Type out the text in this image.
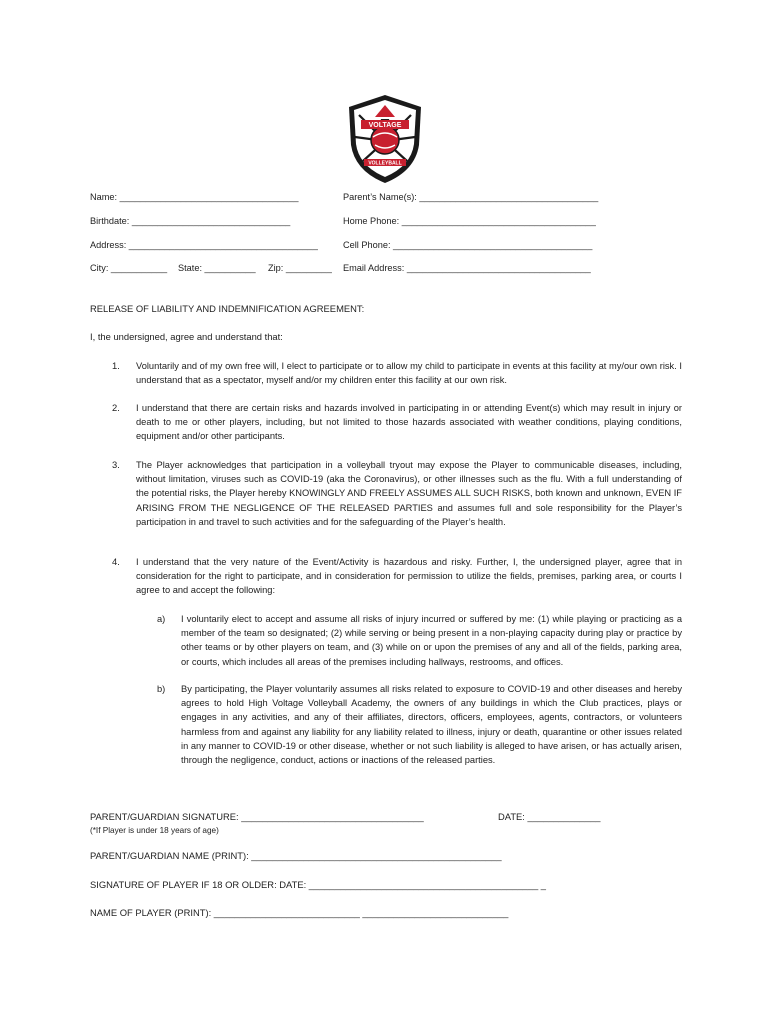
VOLTAGE
VOLLEYBALL
Name: ___________________________________	Parent’s Name(s): ___________________________________
Birthdate: _______________________________	Home Phone: ______________________________________
Address: _____________________________________	Cell Phone: _______________________________________
City: ___________ State: __________ Zip: _________ Email Address: ____________________________________
RELEASE OF LIABILITY AND INDEMNIFICATION AGREEMENT:
I, the undersigned, agree and understand that:
1. Voluntarily and of my own free will, I elect to participate or to allow my child to participate in events at this facility at my/our own risk. I understand that as a spectator, myself and/or my children enter this facility at our own risk.
2. I understand that there are certain risks and hazards involved in participating in or attending Event(s) which may result in injury or death to me or other players, including, but not limited to those hazards associated with weather conditions, playing conditions, equipment and/or other participants.
3. The Player acknowledges that participation in a volleyball tryout may expose the Player to communicable diseases, including, without limitation, viruses such as COVID-19 (aka the Coronavirus), or other illnesses such as the flu. With a full understanding of the potential risks, the Player hereby KNOWINGLY AND FREELY ASSUMES ALL SUCH RISKS, both known and unknown, EVEN IF ARISING FROM THE NEGLIGENCE OF THE RELEASED PARTIES and assumes full and sole responsibility for the Player’s participation in and travel to such activities and for the safeguarding of the Player’s health.
4. I understand that the very nature of the Event/Activity is hazardous and risky. Further, I, the undersigned player, agree that in consideration for the right to participate, and in consideration for permission to utilize the fields, premises, parking area, or courts I agree to and accept the following:
a) I voluntarily elect to accept and assume all risks of injury incurred or suffered by me: (1) while playing or practicing as a member of the team so designated; (2) while serving or being present in a non-playing capacity during play or practice by other teams or by other players on team, and (3) while on or upon the premises of any and all of the fields, parking area, or courts, which includes all areas of the premises including hallways, restrooms, and offices.
b) By participating, the Player voluntarily assumes all risks related to exposure to COVID-19 and other diseases and hereby agrees to hold High Voltage Volleyball Academy, the owners of any buildings in which the Club practices, plays or engages in any activities, and any of their affiliates, directors, officers, employees, agents, contractors, or volunteers harmless from and against any liability for any liability related to illness, injury or death, quarantine or other issues related in any manner to COVID-19 or other disease, whether or not such liability is alleged to have arisen, or has actually arisen, through the negligence, conduct, actions or inactions of the released parties.
PARENT/GUARDIAN SIGNATURE: ___________________________________	DATE: ______________
(*If Player is under 18 years of age)
PARENT/GUARDIAN NAME (PRINT): ________________________________________________
SIGNATURE OF PLAYER IF 18 OR OLDER: DATE: ____________________________________________ _
NAME OF PLAYER (PRINT): ____________________________ ____________________________
